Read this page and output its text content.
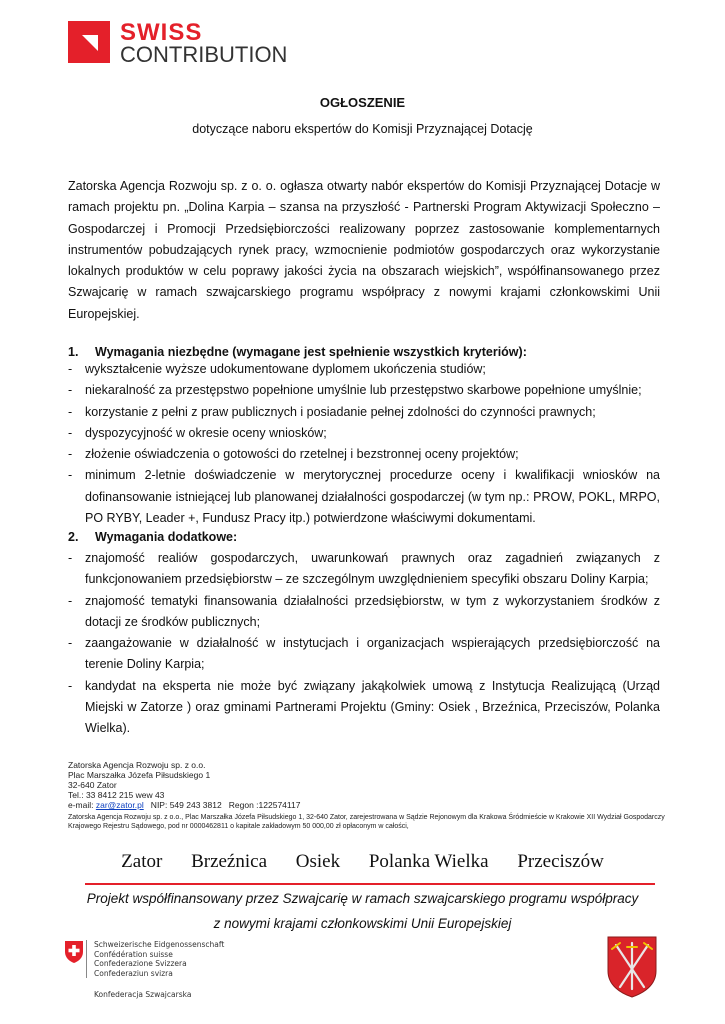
SWISS
CONTRIBUTION
OGŁOSZENIE
dotyczące naboru ekspertów do Komisji Przyznającej Dotację
Zatorska Agencja Rozwoju sp. z o. o. ogłasza otwarty nabór ekspertów do Komisji Przyznającej Dotacje w ramach projektu pn. „Dolina Karpia – szansa na przyszłość - Partnerski Program Aktywizacji Społeczno – Gospodarczej i Promocji Przedsiębiorczości realizowany poprzez zastosowanie komplementarnych instrumentów pobudzających rynek pracy, wzmocnienie podmiotów gospodarczych oraz wykorzystanie lokalnych produktów w celu poprawy jakości życia na obszarach wiejskich”, współfinansowanego przez Szwajcarię w ramach szwajcarskiego programu współpracy z nowymi krajami członkowskimi Unii Europejskiej.
1. Wymagania niezbędne (wymagane jest spełnienie wszystkich kryteriów):
- wykształcenie wyższe udokumentowane dyplomem ukończenia studiów;
- niekaralność za przestępstwo popełnione umyślnie lub przestępstwo skarbowe popełnione umyślnie;
- korzystanie z pełni z praw publicznych i posiadanie pełnej zdolności do czynności prawnych;
- dyspozycyjność w okresie oceny wniosków;
- złożenie oświadczenia o gotowości do rzetelnej i bezstronnej oceny projektów;
- minimum 2-letnie doświadczenie w merytorycznej procedurze oceny i kwalifikacji wniosków na dofinansowanie istniejącej lub planowanej działalności gospodarczej (w tym np.: PROW, POKL, MRPO, PO RYBY, Leader +, Fundusz Pracy itp.) potwierdzone właściwymi dokumentami.
2. Wymagania dodatkowe:
- znajomość realiów gospodarczych, uwarunkowań prawnych oraz zagadnień związanych z funkcjonowaniem przedsiębiorstw – ze szczególnym uwzględnieniem specyfiki obszaru Doliny Karpia;
- znajomość tematyki finansowania działalności przedsiębiorstw, w tym z wykorzystaniem środków z dotacji ze środków publicznych;
- zaangażowanie w działalność w instytucjach i organizacjach wspierających przedsiębiorczość na terenie Doliny Karpia;
- kandydat na eksperta nie może być związany jakąkolwiek umową z Instytucja Realizującą (Urząd Miejski w Zatorze ) oraz gminami Partnerami Projektu (Gminy: Osiek , Brzeźnica, Przeciszów, Polanka Wielka).
Zatorska Agencja Rozwoju sp. z o.o.
Plac Marszałka Józefa Piłsudskiego 1
32-640 Zator
Tel.: 33 8412 215 wew 43
e-mail: zar@zator.pl   NIP: 549 243 3812   Regon :122574117
Zatorska Agencja Rozwoju sp. z o.o., Plac Marszałka Józefa Piłsudskiego 1, 32-640 Zator, zarejestrowana w Sądzie Rejonowym dla Krakowa Śródmieście w Krakowie XII Wydział Gospodarczy Krajowego Rejestru Sądowego, pod nr 0000462811 o kapitale zakładowym 50 000,00 zł opłaconym w całości,
Zator Brzeźnica Osiek Polanka Wielka Przeciszów
Projekt współfinansowany przez Szwajcarię w ramach szwajcarskiego programu współpracy
z nowymi krajami członkowskimi Unii Europejskiej
Schweizerische Eidgenossenschaft
Confédération suisse
Confederazione Svizzera
Confederaziun svizra
Konfederacja Szwajcarska
